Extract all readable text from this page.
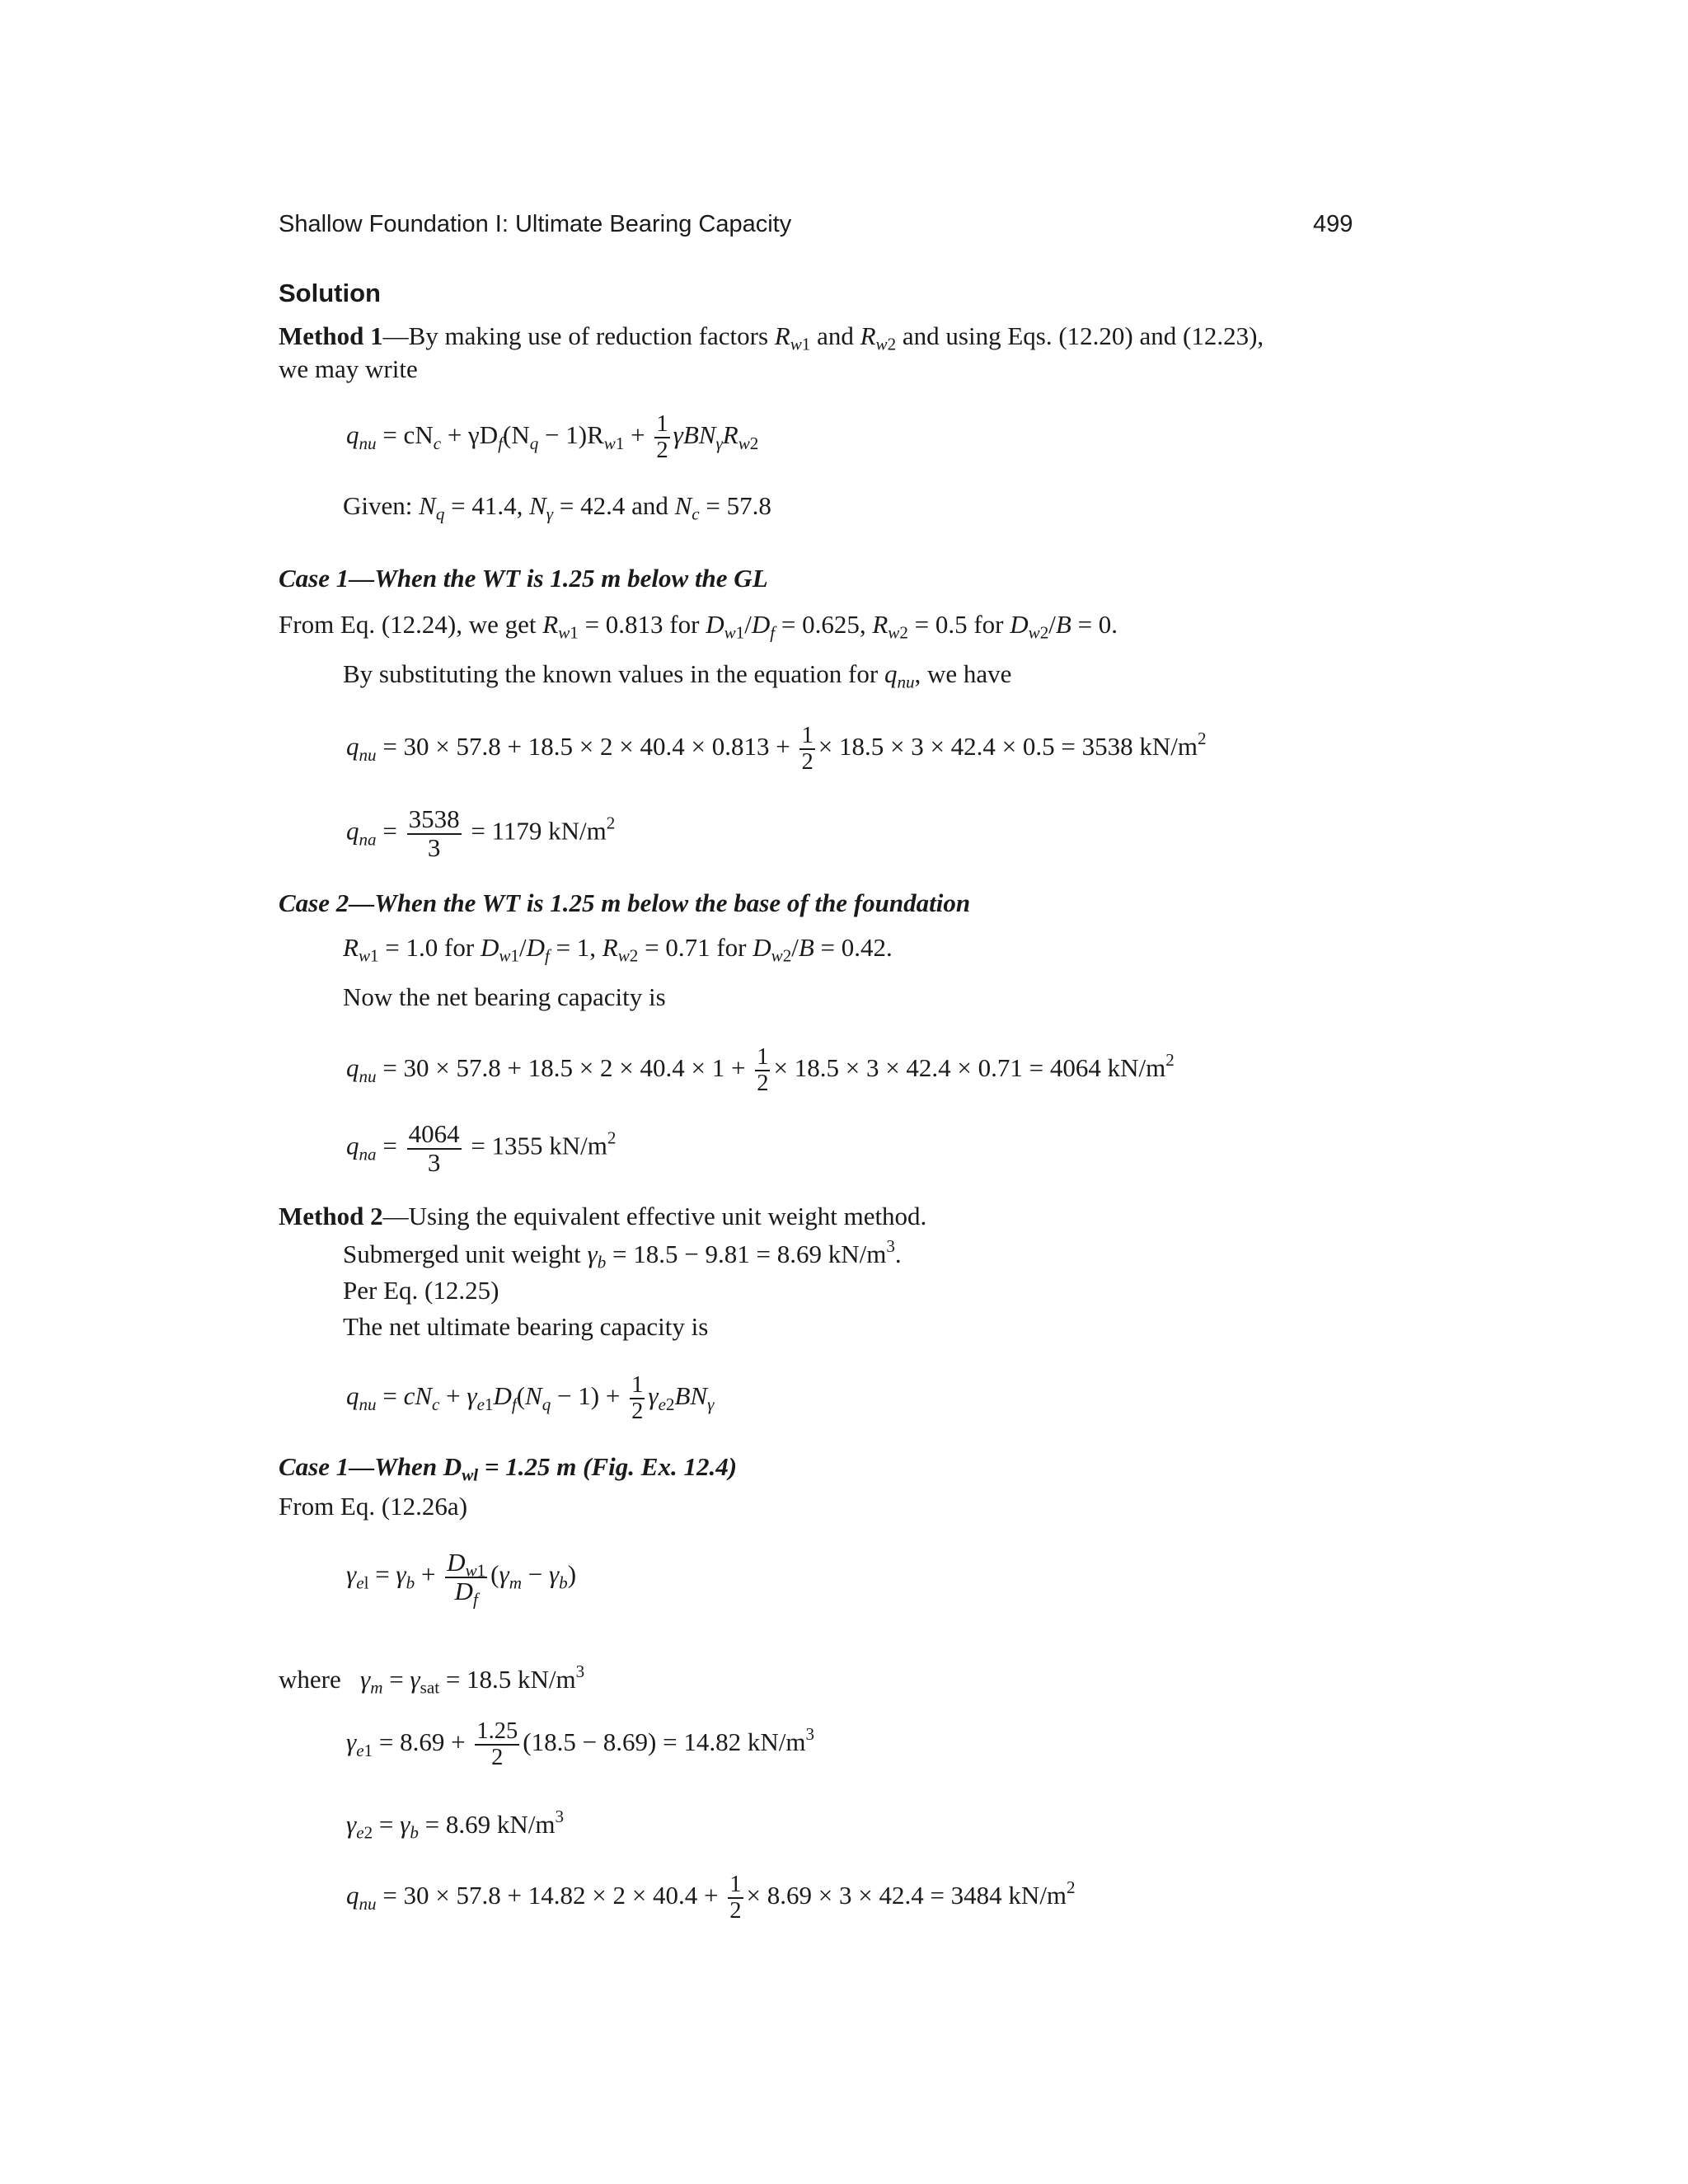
Shallow Foundation I: Ultimate Bearing Capacity	499
Solution
Method 1—By making use of reduction factors $R_{w1}$ and $R_{w2}$ and using Eqs. (12.20) and (12.23),
we may write
$q_{nu} = cN_c + \gamma D_f(N_q - 1)R_{w1} + \frac{1}{2} \gamma BN_\gamma R_{w2}$
Given: $N_q = 41.4$, $N_\gamma = 42.4$ and $N_c = 57.8$
Case 1—When the WT is 1.25 m below the GL
From Eq. (12.24), we get $R_{w1} = 0.813$ for $D_{w1}/D_f = 0.625$, $R_{w2} = 0.5$ for $D_{w2}/B = 0$.
By substituting the known values in the equation for $q_{nu}$, we have
$q_{nu} = 30 \times 57.8 + 18.5 \times 2 \times 40.4 \times 0.813 + \frac{1}{2} \times 18.5 \times 3 \times 42.4 \times 0.5 = 3538$ $kN/m^2$
$q_{na} = \frac{3538}{3} = 1179$ $kN/m^2$
Case 2—When the WT is 1.25 m below the base of the foundation
$R_{w1} = 1.0$ for $D_{w1}/D_f = 1$, $R_{w2} = 0.71$ for $D_{w2}/B = 0.42$.
Now the net bearing capacity is
$q_{nu} = 30 \times 57.8 + 18.5 \times 2 \times 40.4 \times 1 + \frac{1}{2} \times 18.5 \times 3 \times 42.4 \times 0.71 = 4064$ $kN/m^2$
$q_{na} = \frac{4064}{3} = 1355$ $kN/m^2$
Method 2—Using the equivalent effective unit weight method.
Submerged unit weight $\gamma_b = 18.5 - 9.81 = 8.69$ $kN/m^3$.
Per Eq. (12.25)
The net ultimate bearing capacity is
$q_{nu} = cN_c + \gamma_{e1}D_f(N_q - 1) + \frac{1}{2} \gamma_{e2}BN_\gamma$
Case 1—When $D_{wl} = 1.25$ m (Fig. Ex. 12.4)
From Eq. (12.26a)
$\gamma_{el} = \gamma_b + \frac{D_{w1}}{D_f} (\gamma_m - \gamma_b)$
where $\gamma_m = \gamma_{sat} = 18.5$ $kN/m^3$
$\gamma_{e1} = 8.69 + \frac{1.25}{2} (18.5 - 8.69) = 14.82$ $kN/m^3$
$\gamma_{e2} = \gamma_b = 8.69$ $kN/m^3$
$q_{nu} = 30 \times 57.8 + 14.82 \times 2 \times 40.4 + \frac{1}{2} \times 8.69 \times 3 \times 42.4 = 3484$ $kN/m^2$
